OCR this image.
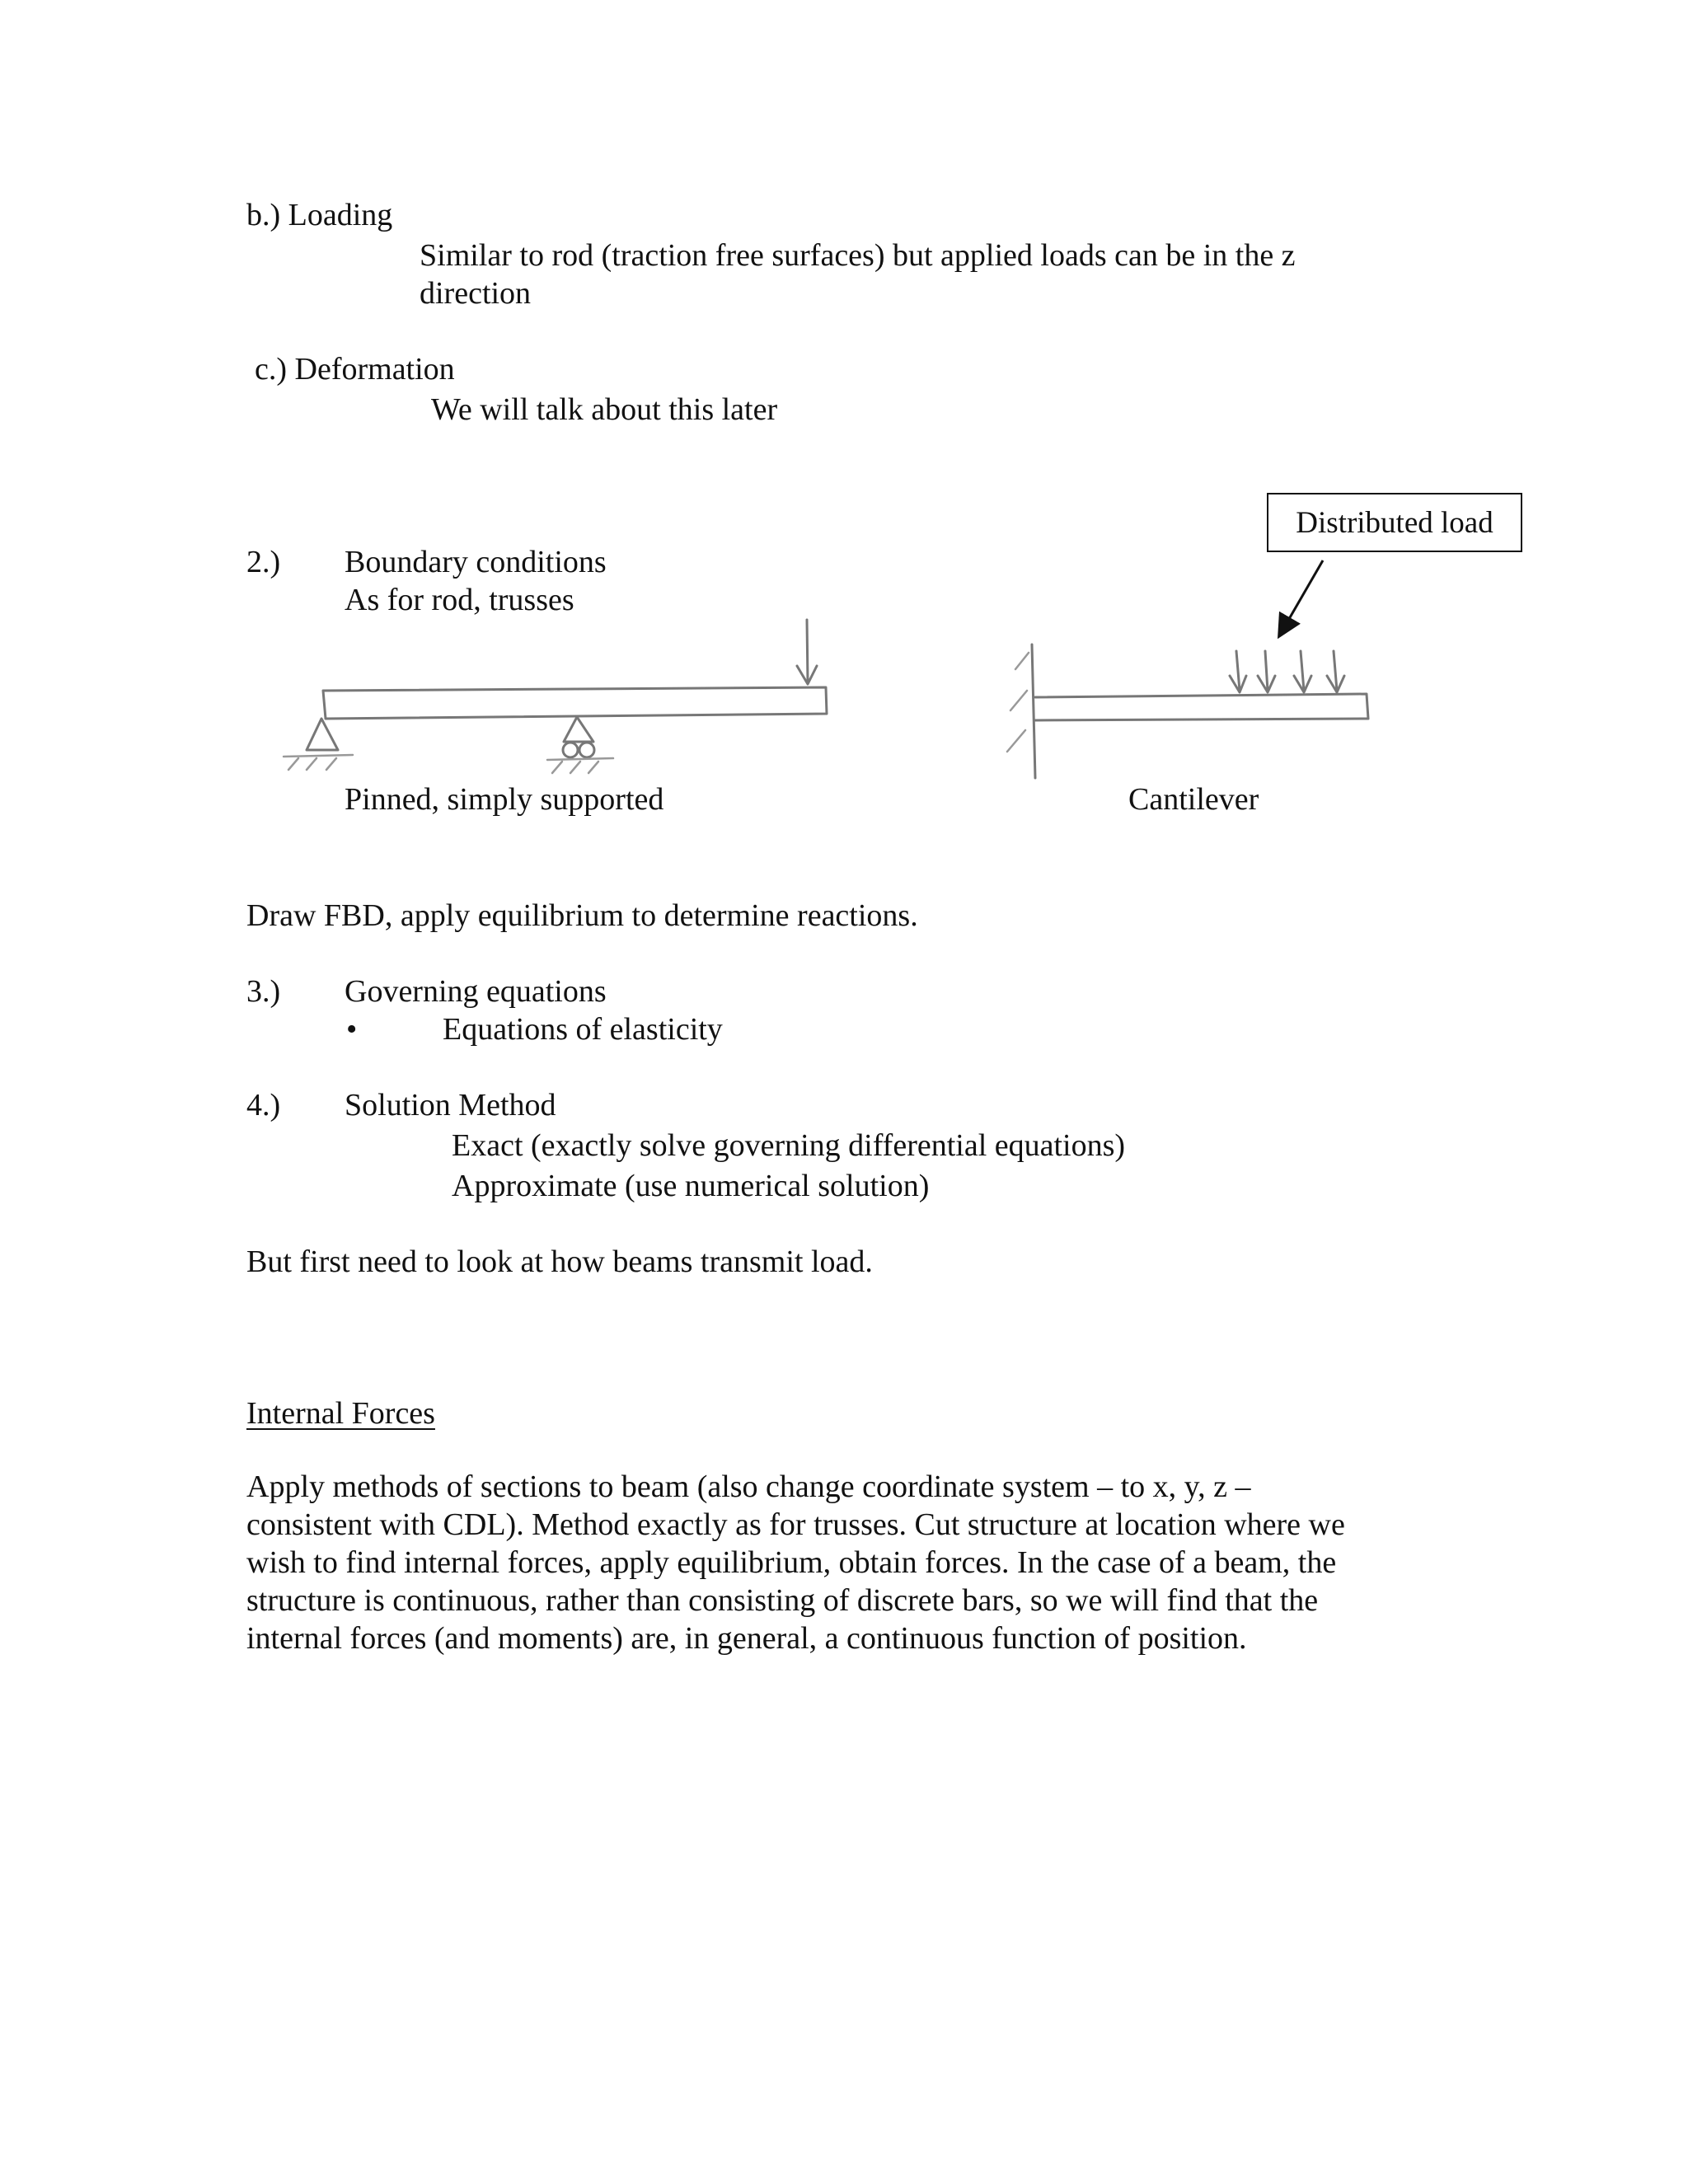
b.) Loading
Similar to rod (traction free surfaces) but applied loads can be in the z
direction
c.) Deformation
We will talk about this later
2.) Boundary conditions
As for rod, trusses
Distributed load
Pinned, simply supported	Cantilever
Draw FBD, apply equilibrium to determine reactions.
3.) Governing equations
•	Equations of elasticity
4.) Solution Method
Exact (exactly solve governing differential equations)
Approximate (use numerical solution)
But first need to look at how beams transmit load.
Internal Forces
Apply methods of sections to beam (also change coordinate system – to x, y, z –
consistent with CDL). Method exactly as for trusses. Cut structure at location where we
wish to find internal forces, apply equilibrium, obtain forces. In the case of a beam, the
structure is continuous, rather than consisting of discrete bars, so we will find that the
internal forces (and moments) are, in general, a continuous function of position.
